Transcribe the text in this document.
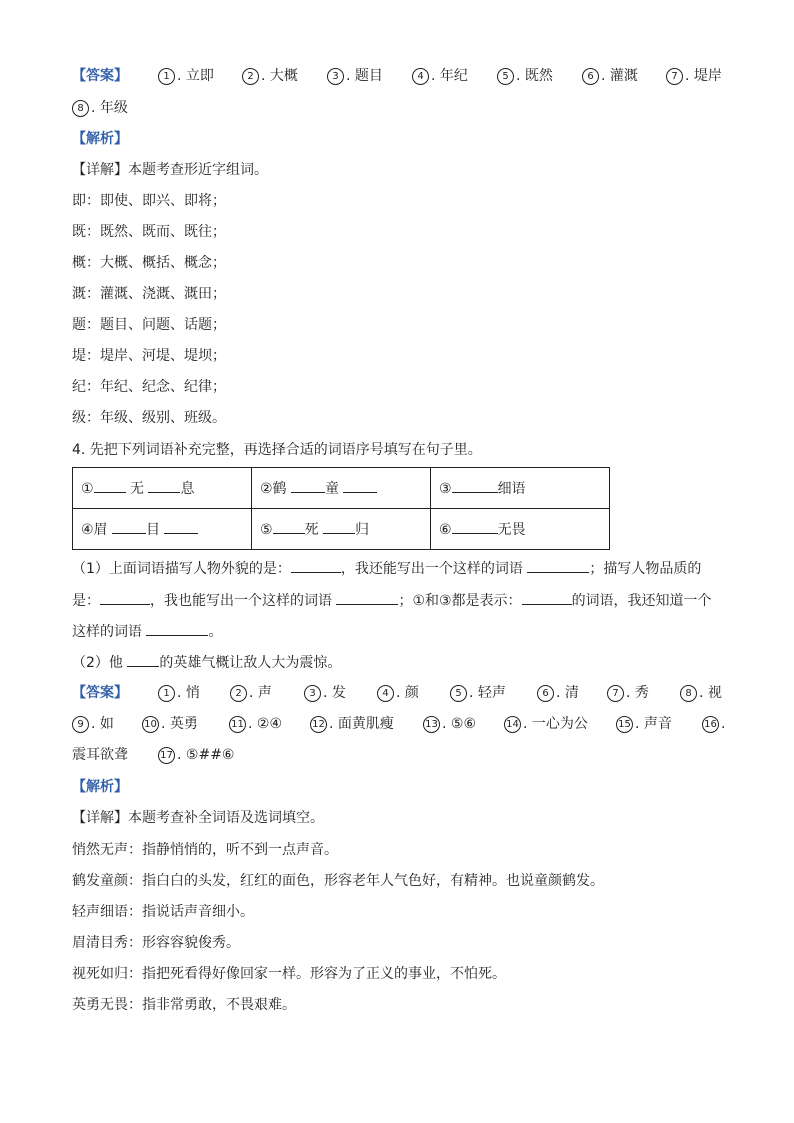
【答案】	1 . 立即	2 . 大概	3 . 题目	4 . 年纪	5 . 既然	6 . 灌溉	7 . 堤岸
8 . 年级
【解析】
【详解】本题考查形近字组词。
即：即使、即兴、即将；
既：既然、既而、既往；
概：大概、概括、概念；
溉：灌溉、浇溉、溉田；
题：题目、问题、话题；
堤：堤岸、河堤、堤坝；
纪：年纪、纪念、纪律；
级：年级、级别、班级。
4. 先把下列词语补充完整，再选择合适的词语序号填写在句子里。
① 无 息	②鹤 童	③ 细语
④眉 目	⑤ 死 归	⑥ 无畏
（1）上面词语描写人物外貌的是：	，我还能写出一个这样的词语	；描写人物品质的
是：	，我也能写出一个这样的词语	；①和③都是表示：	的词语，我还知道一个
这样的词语	。
（2）他	的英雄气概让敌人大为震惊。
【答案】	1 . 悄	2 . 声	3 . 发	4 . 颜	5 . 轻声	6 . 清	7 . 秀	8 . 视
9 . 如	10 . 英勇	11 . ②④	12 . 面黄肌瘦	13 . ⑤⑥	14 . 一心为公	15 . 声音	16 .
震耳欲聋	17 . ⑤##⑥
【解析】
【详解】本题考查补全词语及选词填空。
悄然无声：指静悄悄的，听不到一点声音。
鹤发童颜：指白白的头发，红红的面色，形容老年人气色好，有精神。也说童颜鹤发。
轻声细语：指说话声音细小。
眉清目秀：形容容貌俊秀。
视死如归：指把死看得好像回家一样。形容为了正义的事业，不怕死。
英勇无畏：指非常勇敢，不畏艰难。
